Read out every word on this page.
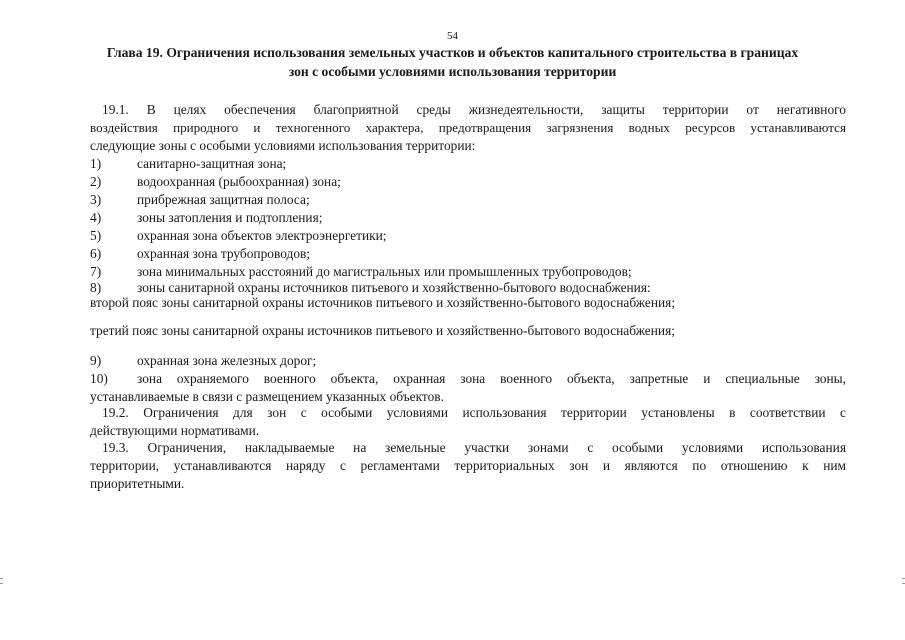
54
Глава 19. Ограничения использования земельных участков и объектов капитального строительства в границах
зон с особыми условиями использования территории
19.1. В целях обеспечения благоприятной среды жизнедеятельности, защиты территории от негативного
воздействия природного и техногенного характера, предотвращения загрязнения водных ресурсов устанавливаются
следующие зоны с особыми условиями использования территории:
1)	санитарно-защитная зона;
2)	водоохранная (рыбоохранная) зона;
3)	прибрежная защитная полоса;
4)	зоны затопления и подтопления;
5)	охранная зона объектов электроэнергетики;
6)	охранная зона трубопроводов;
7)	зона минимальных расстояний до магистральных или промышленных трубопроводов;
8)	зоны санитарной охраны источников питьевого и хозяйственно-бытового водоснабжения:
второй пояс зоны санитарной охраны источников питьевого и хозяйственно-бытового водоснабжения;
третий пояс зоны санитарной охраны источников питьевого и хозяйственно-бытового водоснабжения;
9)	охранная зона железных дорог;
10) зона охраняемого военного объекта, охранная зона военного объекта, запретные и специальные зоны,
устанавливаемые в связи с размещением указанных объектов.
19.2. Ограничения для зон с особыми условиями использования территории установлены в соответствии с
действующими нормативами.
19.3. Ограничения, накладываемые на земельные участки зонами с особыми условиями использования
территории, устанавливаются наряду с регламентами территориальных зон и являются по отношению к ним
приоритетными.
